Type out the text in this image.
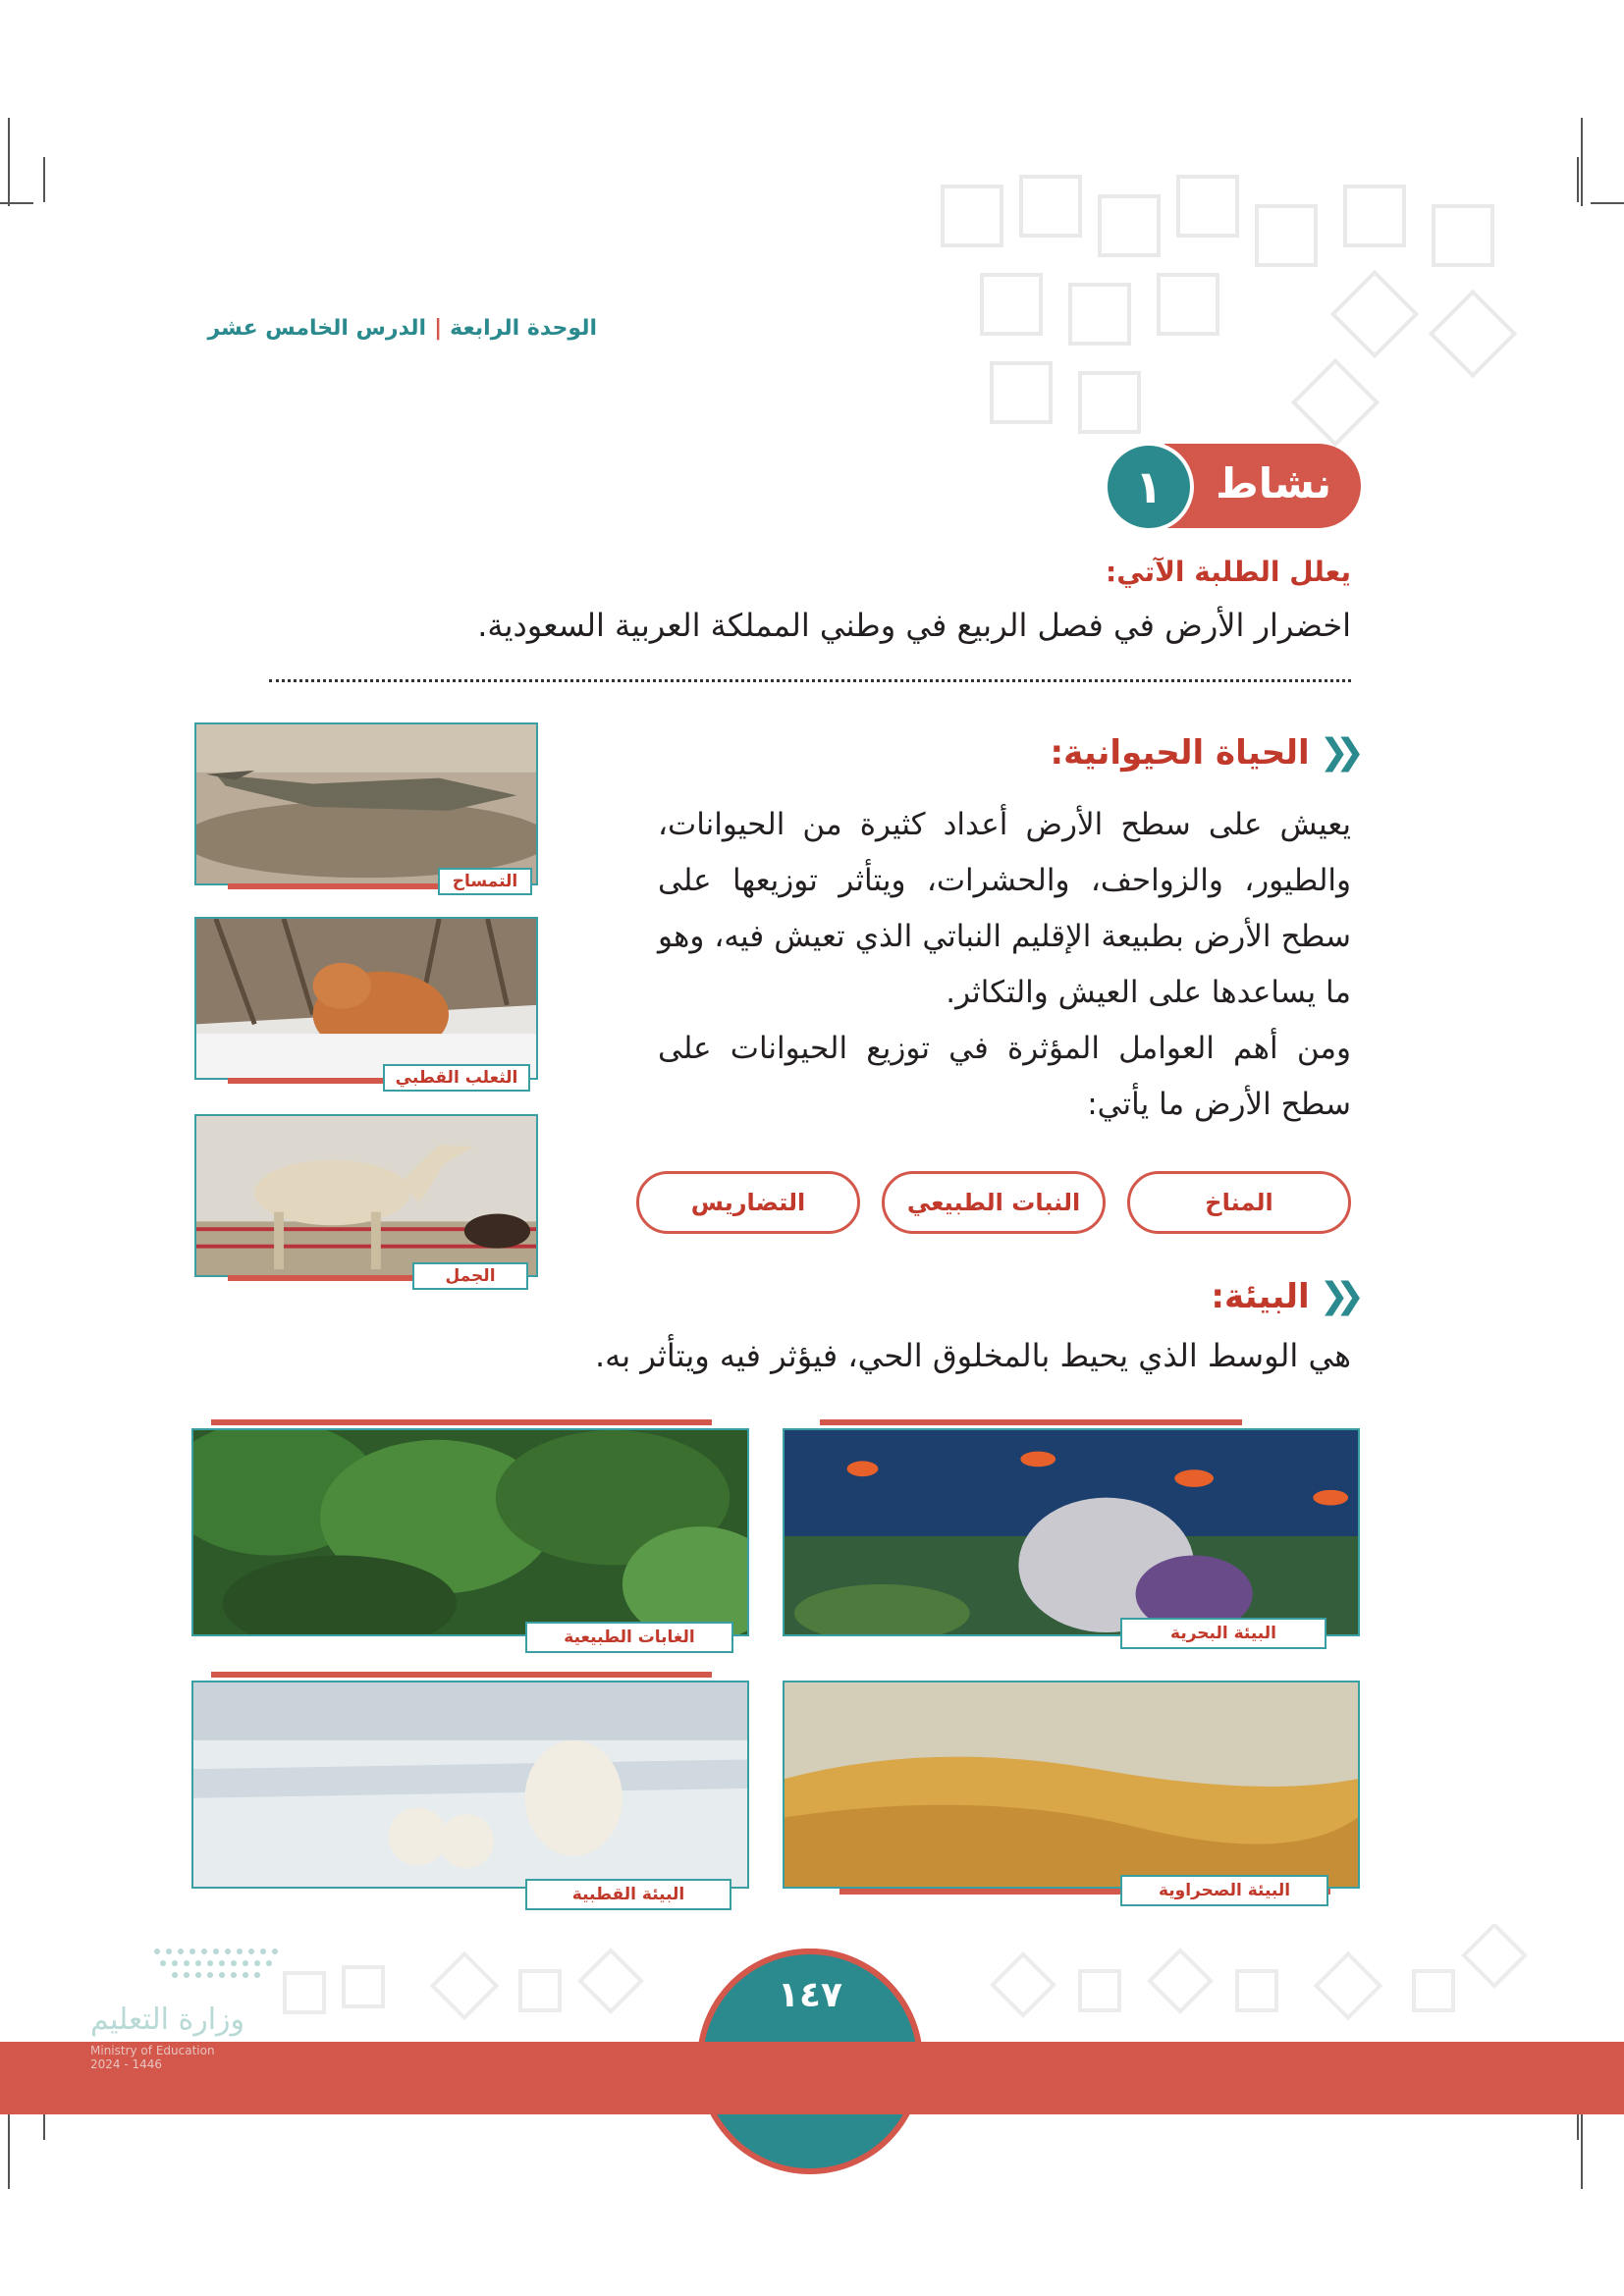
الوحدة الرابعة|الدرس الخامس عشر
نشاط
١
يعلل الطلبة الآتي:
اخضرار الأرض في فصل الربيع في وطني المملكة العربية السعودية.
❮❮
الحياة الحيوانية:

يعيش على سطح الأرض أعداد كثيرة من الحيوانات، والطيور، والزواحف، والحشرات، ويتأثر توزيعها على سطح الأرض بطبيعة الإقليم النباتي الذي تعيش فيه، وهو ما يساعدها على العيش والتكاثر.

ومن أهم العوامل المؤثرة في توزيع الحيوانات على سطح الأرض ما يأتي:

المناخ
النبات الطبيعي
التضاريس
التمساح
الثعلب القطبي
الجمل	❮❮
البيئة:
هي الوسط الذي يحيط بالمخلوق الحي، فيؤثر فيه ويتأثر به.
البيئة البحرية
الغابات الطبيعية
البيئة القطبية	البيئة الصحراوية
١٤٧
وزارة التعليم
Ministry of Education
2024 - 1446
